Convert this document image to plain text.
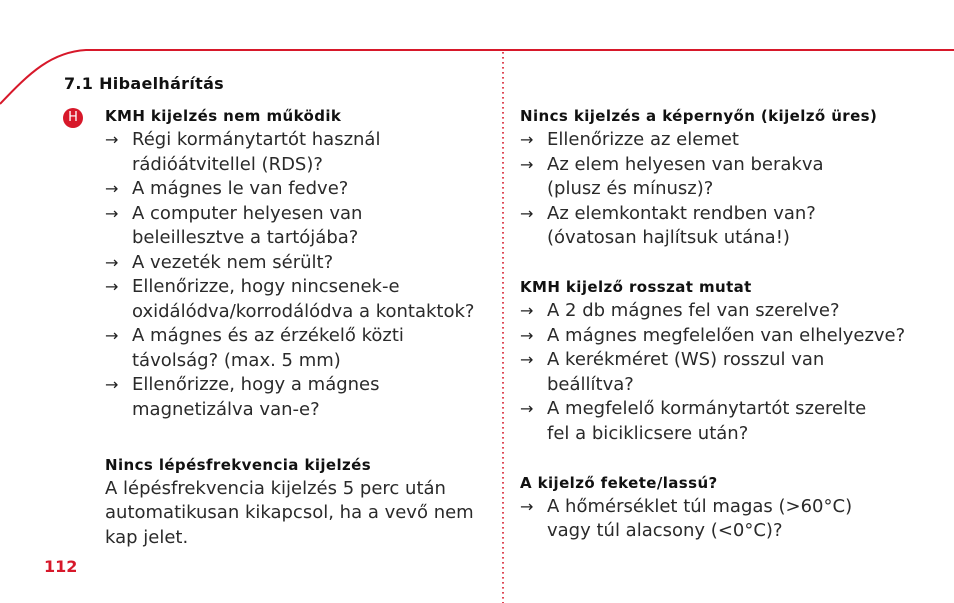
7.1 Hibaelhárítás
H	KMH kijelzés nem működik
→ Régi kormánytartót használ
rádióátvitellel (RDS)?
→ A mágnes le van fedve?
→ A computer helyesen van
beleillesztve a tartójába?
→ A vezeték nem sérült?
→ Ellenőrizze, hogy nincsenek-e
oxidálódva/korrodálódva a kontaktok?
→ A mágnes és az érzékelő közti
távolság? (max. 5 mm)
→ Ellenőrizze, hogy a mágnes
magnetizálva van-e?
Nincs lépésfrekvencia kijelzés
A lépésfrekvencia kijelzés 5 perc után
automatikusan kikapcsol, ha a vevő nem
kap jelet.
Nincs kijelzés a képernyőn (kijelző üres)
→ Ellenőrizze az elemet
→ Az elem helyesen van berakva
(plusz és mínusz)?
→ Az elemkontakt rendben van?
(óvatosan hajlítsuk utána!)
KMH kijelző rosszat mutat
→ A 2 db mágnes fel van szerelve?
→ A mágnes megfelelően van elhelyezve?
→ A kerékméret (WS) rosszul van
beállítva?
→ A megfelelő kormánytartót szerelte
fel a biciklicsere után?
A kijelző fekete/lassú?
→ A hőmérséklet túl magas (>60°C)
vagy túl alacsony (<0°C)?
112
